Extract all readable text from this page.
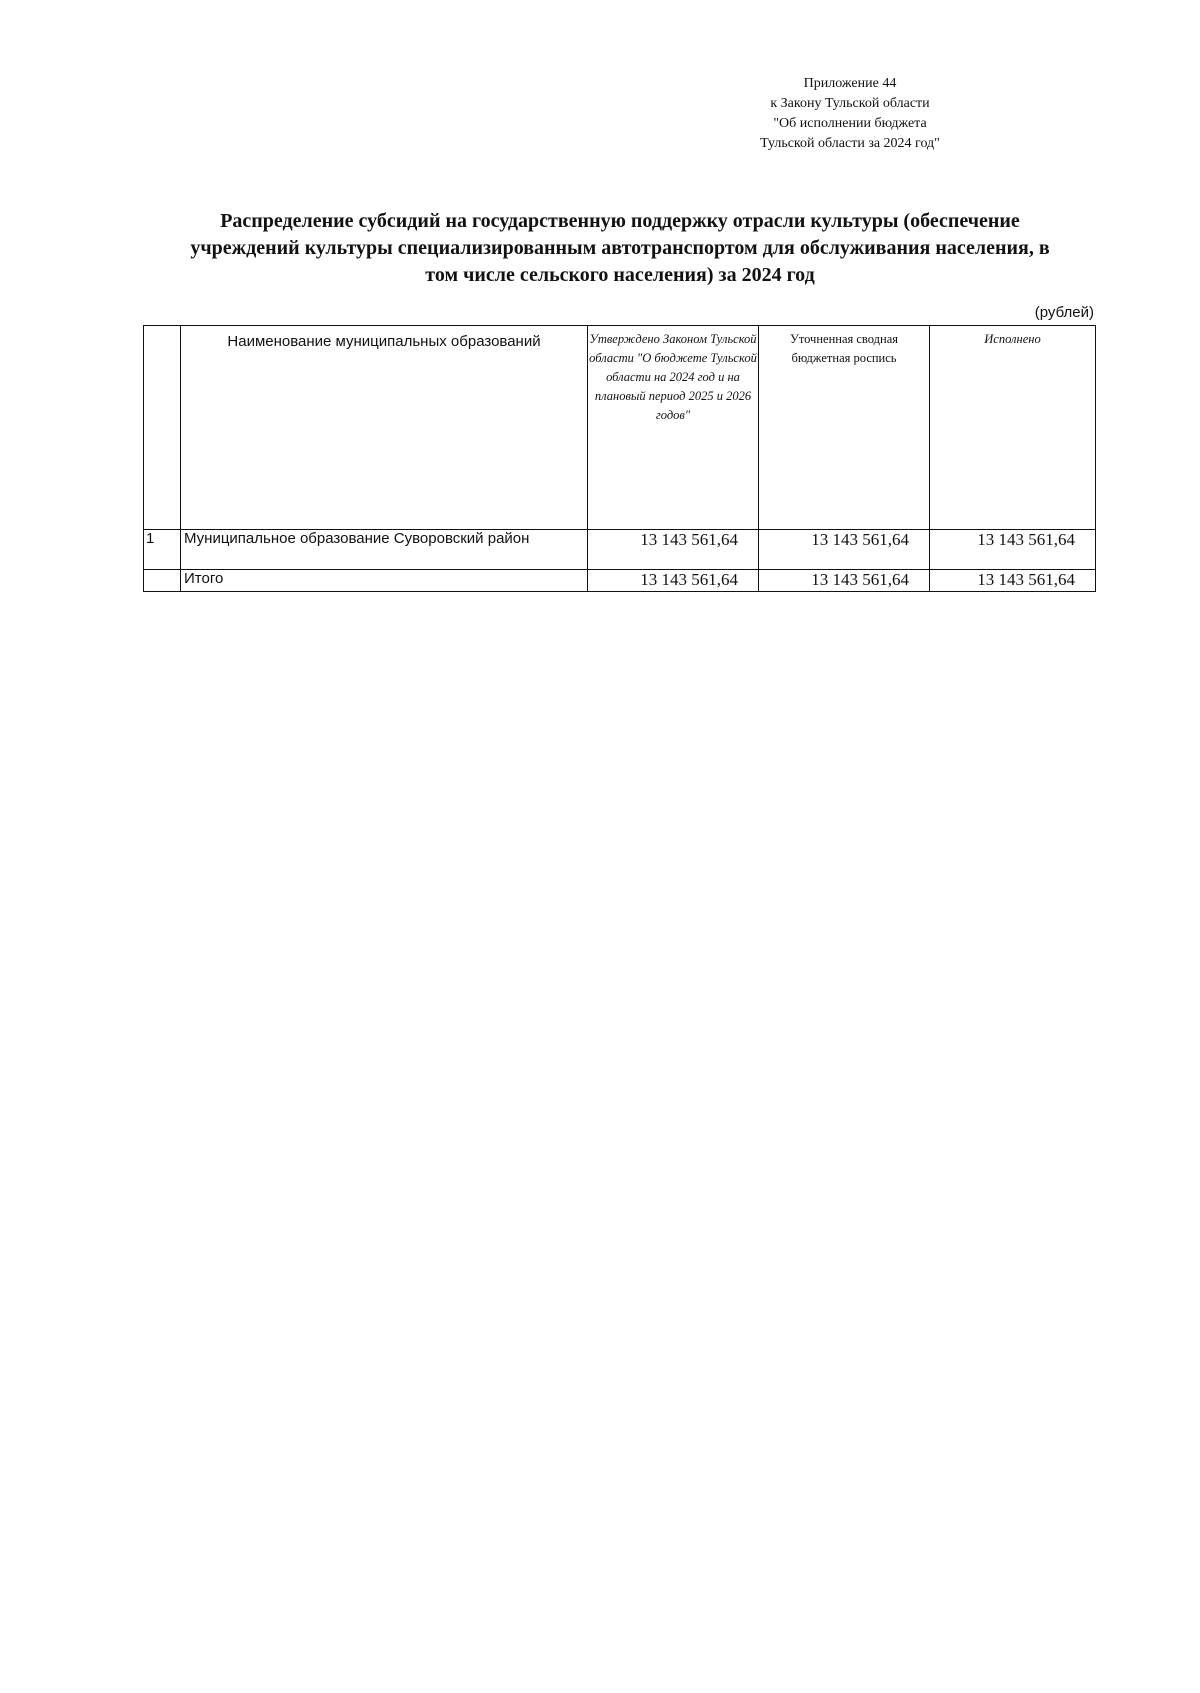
Приложение 44
к Закону Тульской области
"Об исполнении бюджета
Тульской области за 2024 год"
Распределение субсидий на государственную поддержку отрасли культуры (обеспечение
учреждений культуры специализированным автотранспортом для обслуживания населения, в
том числе сельского населения) за 2024 год
(рублей)
	Наименование муниципальных образований	Утверждено Законом Тульской области "О бюджете Тульской области на 2024 год и на плановый период 2025 и 2026 годов"	Уточненная сводная бюджетная роспись	Исполнено
1	Муниципальное образование Суворовский район	13 143 561,64	13 143 561,64	13 143 561,64
	Итого	13 143 561,64	13 143 561,64	13 143 561,64
